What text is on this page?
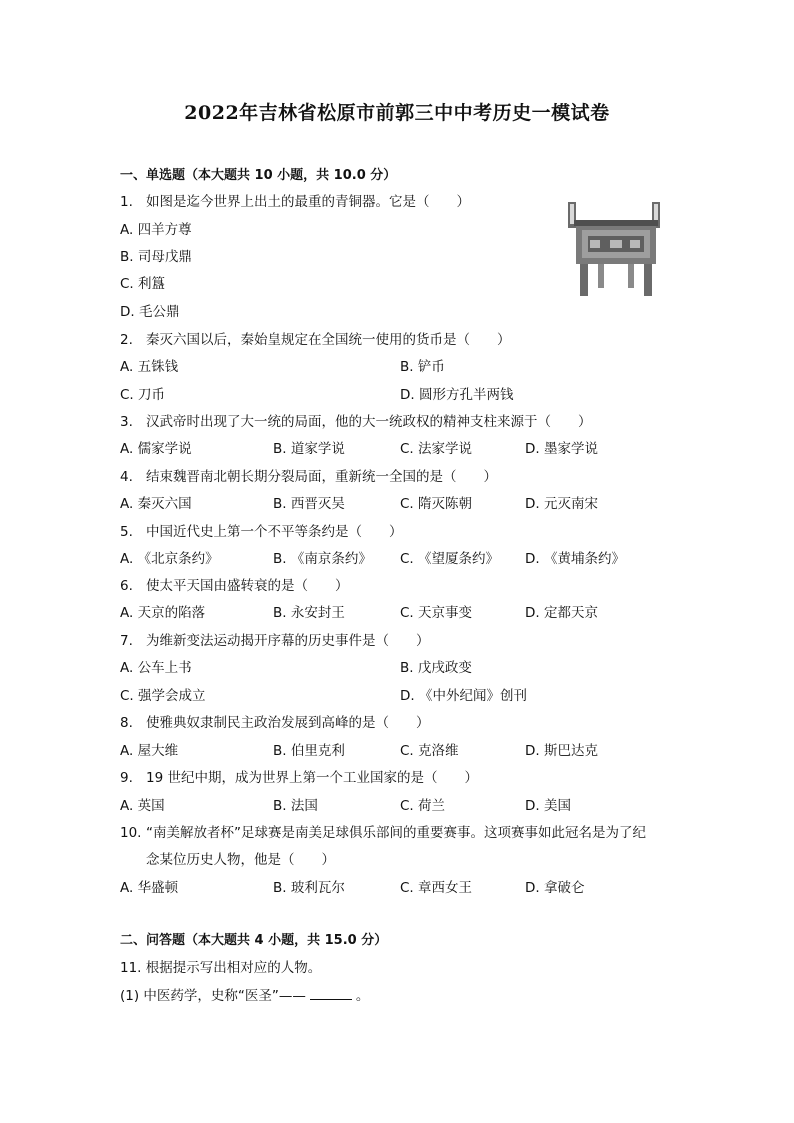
2022年吉林省松原市前郭三中中考历史一模试卷
一、单选题（本大题共 10 小题，共 10.0 分）
1. 如图是迄今世界上出土的最重的青铜器。它是（　　）
A. 四羊方尊
B. 司母戊鼎
C. 利簋
D. 毛公鼎
2. 秦灭六国以后，秦始皇规定在全国统一使用的货币是（　　）
A. 五铢钱	B. 铲币
C. 刀币	D. 圆形方孔半两钱
3. 汉武帝时出现了大一统的局面，他的大一统政权的精神支柱来源于（　　）
A. 儒家学说	B. 道家学说	C. 法家学说	D. 墨家学说
4. 结束魏晋南北朝长期分裂局面，重新统一全国的是（　　）
A. 秦灭六国	B. 西晋灭吴	C. 隋灭陈朝	D. 元灭南宋
5. 中国近代史上第一个不平等条约是（　　）
A. 《北京条约》	B. 《南京条约》 C. 《望厦条约》 D. 《黄埔条约》
6. 使太平天国由盛转衰的是（　　）
A. 天京的陷落	B. 永安封王	C. 天京事变	D. 定都天京
7. 为维新变法运动揭开序幕的历史事件是（　　）
A. 公车上书	B. 戊戌政变
C. 强学会成立	D. 《中外纪闻》创刊
8. 使雅典奴隶制民主政治发展到高峰的是（　　）
A. 屋大维	B. 伯里克利	C. 克洛维	D. 斯巴达克
9. 19 世纪中期，成为世界上第一个工业国家的是（　　）
A. 英国	B. 法国	C. 荷兰	D. 美国
10. “南美解放者杯”足球赛是南美足球俱乐部间的重要赛事。这项赛事如此冠名是为了纪
念某位历史人物，他是（　　）
A. 华盛顿	B. 玻利瓦尔	C. 章西女王	D. 拿破仑
二、问答题（本大题共 4 小题，共 15.0 分）
11. 根据提示写出相对应的人物。
(1) 中医药学，史称“医圣”——	。
